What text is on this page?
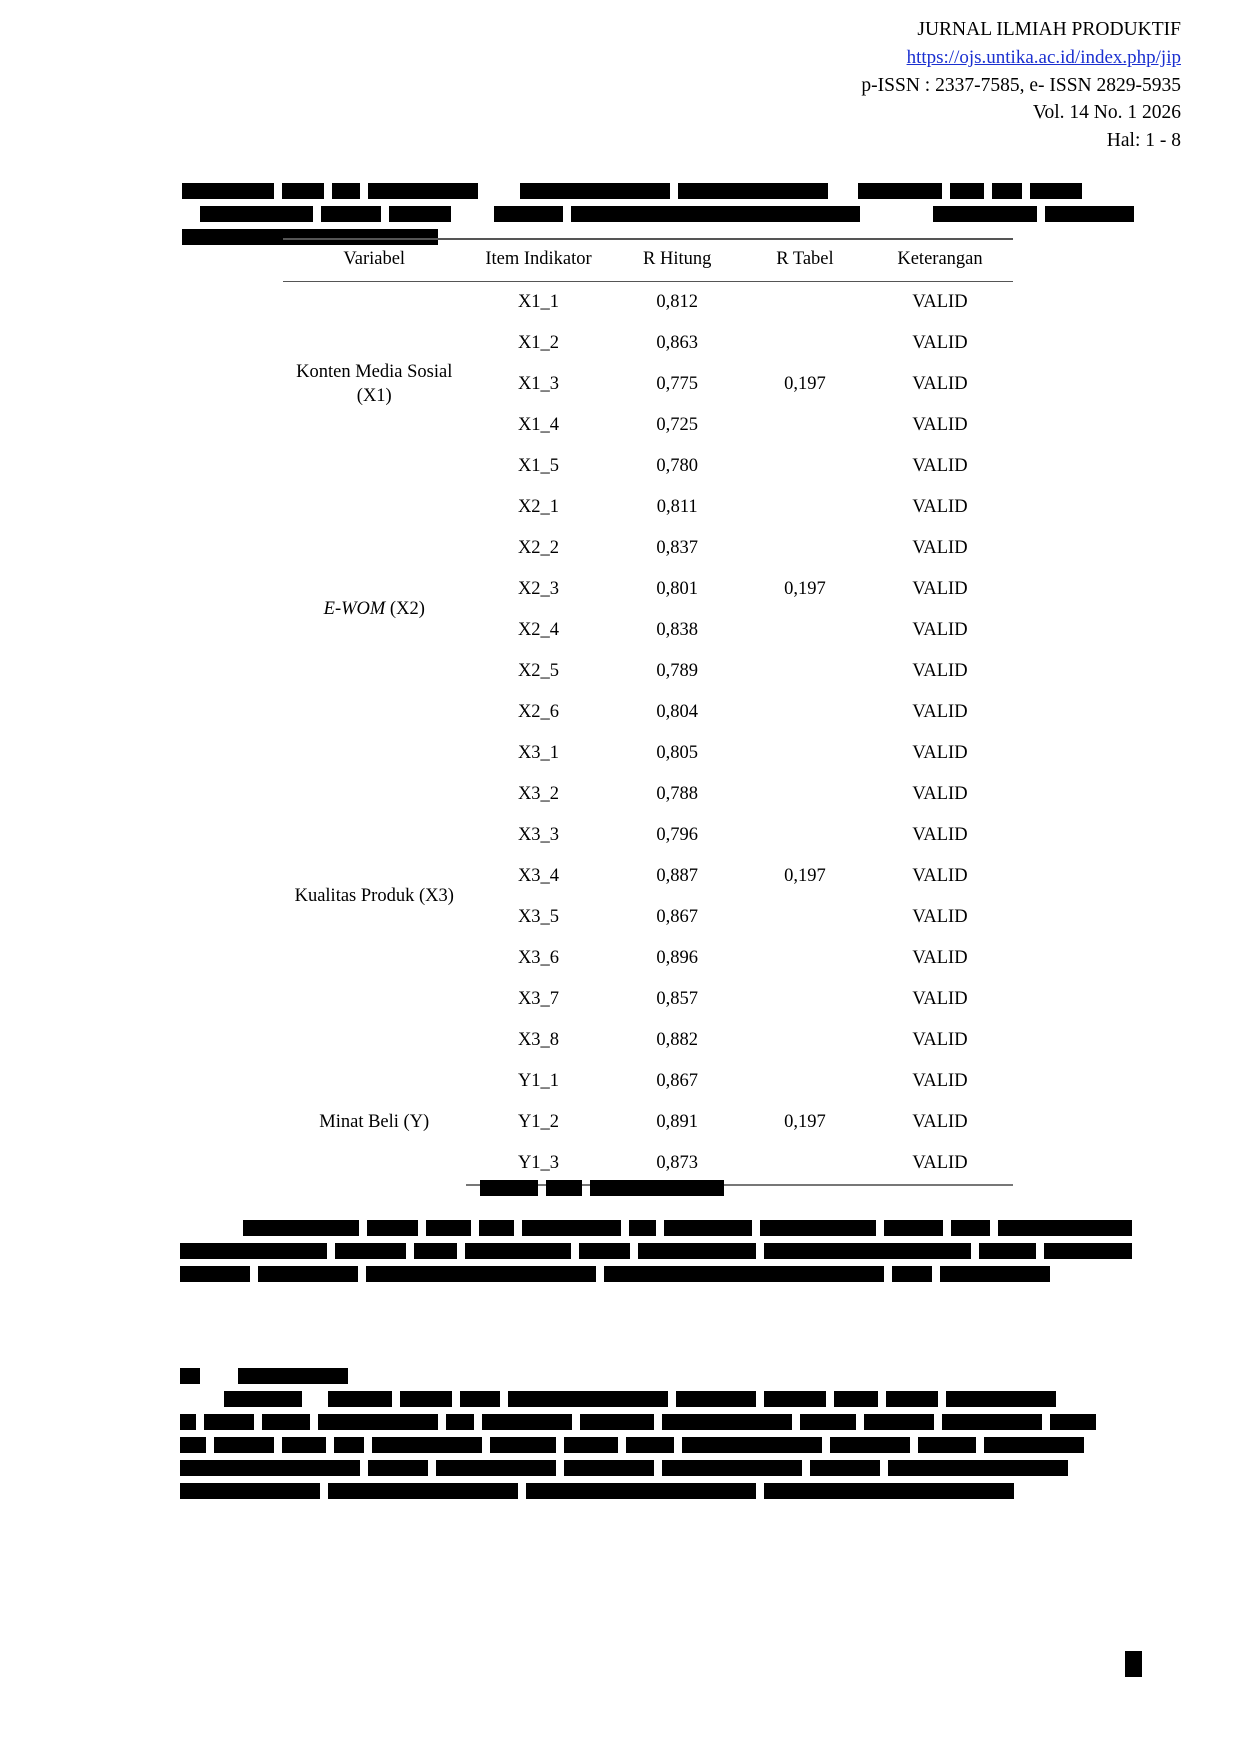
JURNAL ILMIAH PRODUKTIF
https://ojs.untika.ac.id/index.php/jip
p-ISSN : 2337-7585, e- ISSN 2829-5935
Vol. 14 No. 1 2026
Hal: 1 - 8
Variabel	Item Indikator	R Hitung	R Tabel	Keterangan
Konten Media Sosial (X1)	X1_1	0,812		VALID
	X1_2	0,863		VALID
	X1_3	0,775	0,197	VALID
	X1_4	0,725		VALID
	X1_5	0,780		VALID
E-WOM (X2)	X2_1	0,811		VALID
	X2_2	0,837		VALID
	X2_3	0,801	0,197	VALID
	X2_4	0,838		VALID
	X2_5	0,789		VALID
	X2_6	0,804		VALID
Kualitas Produk (X3)	X3_1	0,805		VALID
	X3_2	0,788		VALID
	X3_3	0,796		VALID
	X3_4	0,887	0,197	VALID
	X3_5	0,867		VALID
	X3_6	0,896		VALID
	X3_7	0,857		VALID
	X3_8	0,882		VALID
Minat Beli (Y)	Y1_1	0,867		VALID
	Y1_2	0,891	0,197	VALID
	Y1_3	0,873		VALID
